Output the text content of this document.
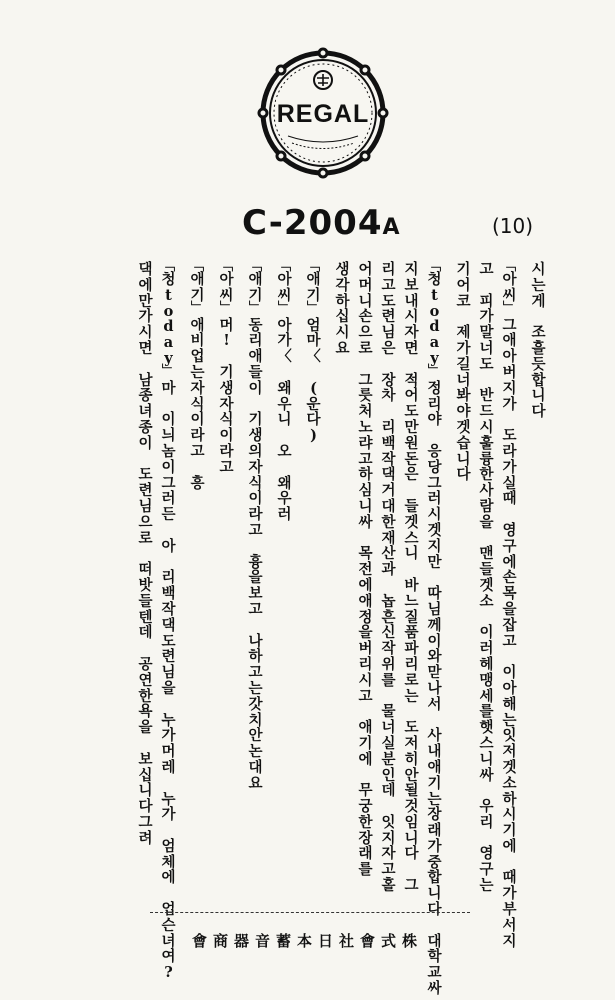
REGAL
C-2004A	(10)
시
는
게
조
흘
듯
합
니
다
﹁
아
씨
﹂
그
애
아
버
지
가
도
라
가
실
때
영
구
에
손
목
을
잡
고
이
아
해
는
잇
저
겟
소
하
시
기
에
때
가
부
서
지
고
피
가
말
너
도
반
드
시
훌
륭
한
사
람
을
맨
들
겟
소
이
러
헤
맹
세
를
햇
스
니
싸
우
리
영
구
는
기
어
코
제
가
길
너
봐
야
겟
습
니
다
﹁
청
t
o
d
a
y
﹂
정
리
야
응
당
그
러
시
겟
지
만
따
님
께
이
와
맏
나
서
사
내
애
기
는
장
래
가
중
합
니
다
대
학
교
싸
지
보
내
시
자
면
적
어
도
만
원
돈
은
들
겟
스
니
바
느
질
품
파
리
로
는
도
저
히
안
될
것
임
니
다
그
리
고
도
련
님
은
장
차
리
백
작
댁
거
대
한
재
산
과
놉
흔
신
작
위
를
물
너
실
분
인
데
잇
지
자
고
홀
어
머
니
손
으
로
그
릇
처
노
랴
고
하
심
니
싸
목
전
에
애
정
을
버
리
시
고
애
기
에
무
궁
한
장
래
를
생
각
하
십
시
요
﹁
애
기
﹂
엄
마
〈
(
운
다
)
﹁
아
씨
﹂
아
가
〈
왜
우
니
오
왜
우
러
﹁
애
기
﹂
동
리
애
들
이
기
생
의
자
식
이
라
고
흉
을
보
고
나
하
고
는
갓
치
안
논
대
요
﹁
아
씨
﹂
머
!
기
생
자
식
이
라
고
﹁
애
기
﹂
애
비
업
는
자
식
이
라
고
흥
﹁
청
t
o
d
a
y
﹂
마
이
늬
놈
이
그
러
든
아
리
백
작
댁
도
련
님
을
누
가
머
레
누
가
엄
체
에
업
슨
녀
여
?
댁
에
만
가
시
면
남
종
녀
종
이
도
련
님
으
로
떠
밧
들
텐
데
공
연
한
욕
을
보
십
니
다
그
려
會商器音蓄本日社會式株
